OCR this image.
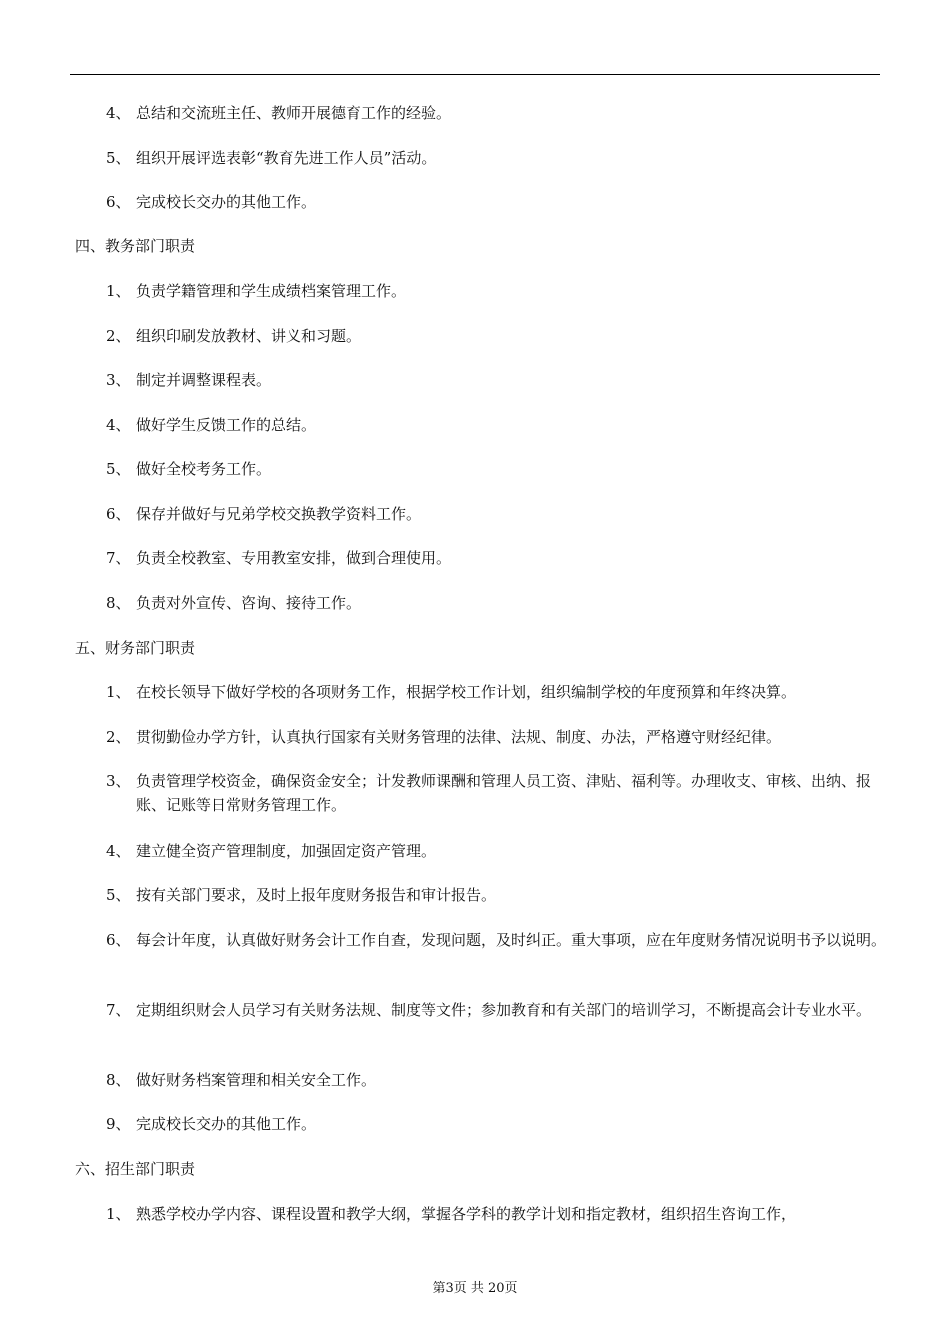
4、 总结和交流班主任、教师开展德育工作的经验。
5、 组织开展评选表彰“教育先进工作人员”活动。
6、 完成校长交办的其他工作。
四、教务部门职责
1、 负责学籍管理和学生成绩档案管理工作。
2、 组织印刷发放教材、讲义和习题。
3、 制定并调整课程表。
4、 做好学生反馈工作的总结。
5、 做好全校考务工作。
6、 保存并做好与兄弟学校交换教学资料工作。
7、 负责全校教室、专用教室安排，做到合理使用。
8、 负责对外宣传、咨询、接待工作。
五、财务部门职责
1、 在校长领导下做好学校的各项财务工作，根据学校工作计划，组织编制学校的年度预算和年终决算。
2、 贯彻勤俭办学方针，认真执行国家有关财务管理的法律、法规、制度、办法，严格遵守财经纪律。
3、 负责管理学校资金，确保资金安全；计发教师课酬和管理人员工资、津贴、福利等。办理收支、审核、出纳、报账、记账等日常财务管理工作。
4、 建立健全资产管理制度，加强固定资产管理。
5、 按有关部门要求，及时上报年度财务报告和审计报告。
6、 每会计年度，认真做好财务会计工作自查，发现问题，及时纠正。重大事项，应在年度财务情况说明书予以说明。
7、 定期组织财会人员学习有关财务法规、制度等文件；参加教育和有关部门的培训学习，不断提高会计专业水平。
8、 做好财务档案管理和相关安全工作。
9、 完成校长交办的其他工作。
六、招生部门职责
1、 熟悉学校办学内容、课程设置和教学大纲，掌握各学科的教学计划和指定教材，组织招生咨询工作，
第3页 共 20页
